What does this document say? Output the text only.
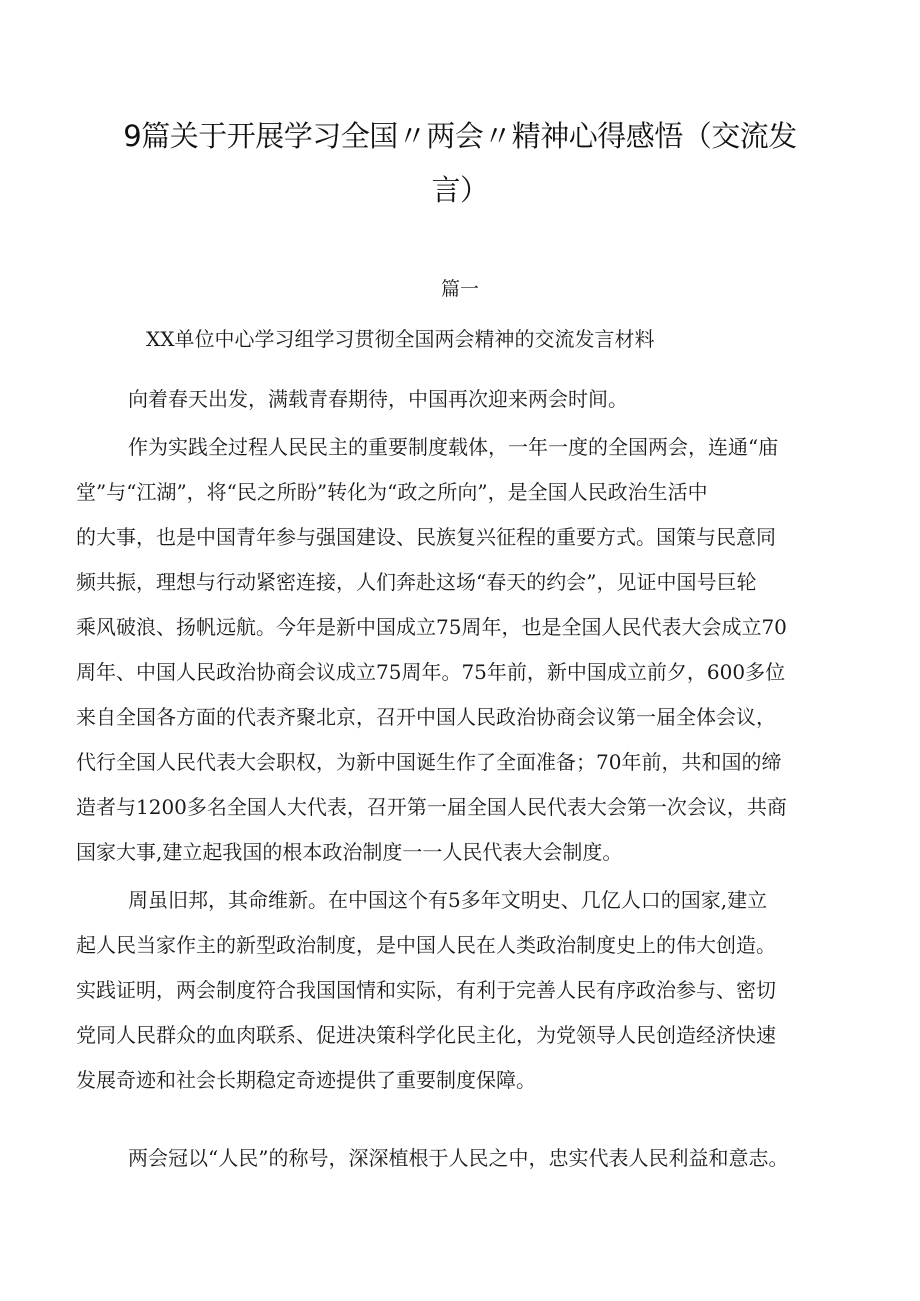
9篇关于开展学习全国〃两会〃精神心得感悟（交流发
言）
篇一
XX单位中心学习组学习贯彻全国两会精神的交流发言材料
向着春天出发，满载青春期待，中国再次迎来两会时间。
作为实践全过程人民民主的重要制度载体，一年一度的全国两会，连通“庙
堂”与“江湖”，将“民之所盼”转化为“政之所向”，是全国人民政治生活中
的大事，也是中国青年参与强国建设、民族复兴征程的重要方式。国策与民意同
频共振，理想与行动紧密连接，人们奔赴这场“春天的约会”，见证中国号巨轮
乘风破浪、扬帆远航。今年是新中国成立75周年，也是全国人民代表大会成立70
周年、中国人民政治协商会议成立75周年。75年前，新中国成立前夕，600多位
来自全国各方面的代表齐聚北京，召开中国人民政治协商会议第一届全体会议，
代行全国人民代表大会职权，为新中国诞生作了全面准备；70年前，共和国的缔
造者与1200多名全国人大代表，召开第一届全国人民代表大会第一次会议，共商
国家大事,建立起我国的根本政治制度一一人民代表大会制度。
周虽旧邦，其命维新。在中国这个有5多年文明史、几亿人口的国家,建立
起人民当家作主的新型政治制度，是中国人民在人类政治制度史上的伟大创造。
实践证明，两会制度符合我国国情和实际，有利于完善人民有序政治参与、密切
党同人民群众的血肉联系、促进决策科学化民主化，为党领导人民创造经济快速
发展奇迹和社会长期稳定奇迹提供了重要制度保障。
两会冠以“人民”的称号，深深植根于人民之中，忠实代表人民利益和意志。
